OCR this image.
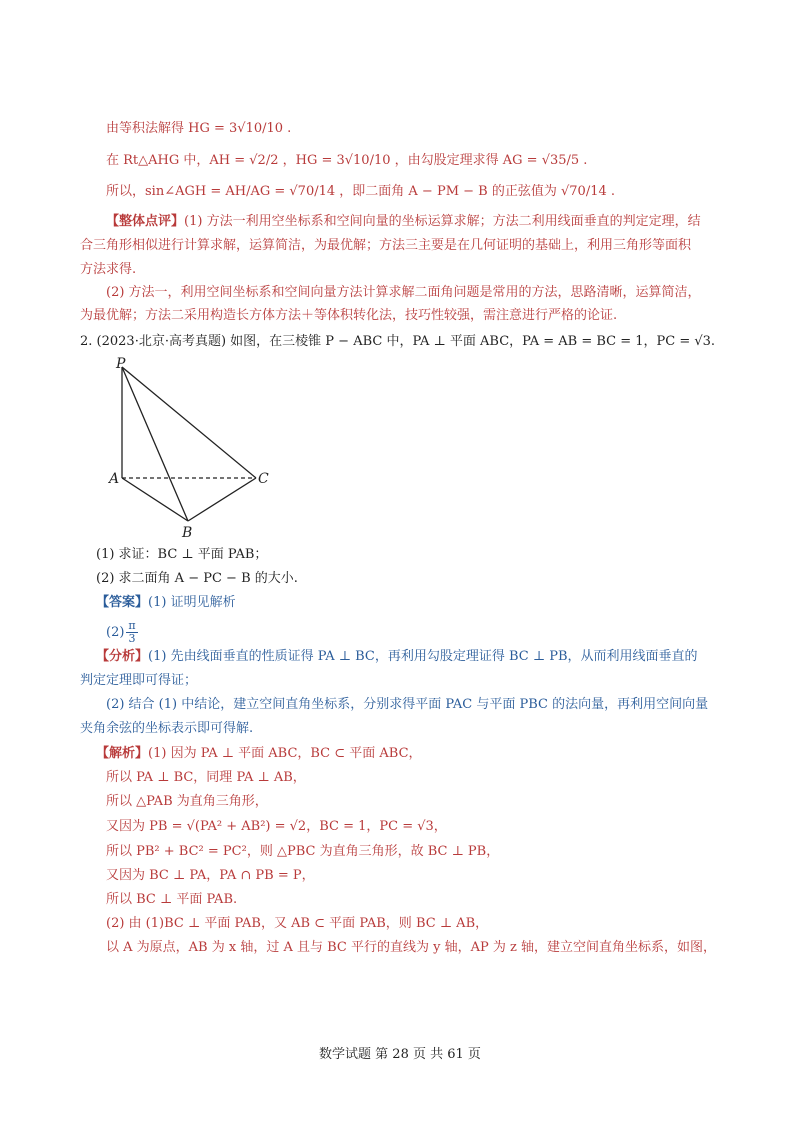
由等积法解得 HG = 3√10/10 .
在 Rt△AHG 中，AH = √2/2 ，HG = 3√10/10 ，由勾股定理求得 AG = √35/5 .
所以，sin∠AGH = AH/AG = √70/14 ，即二面角 A − PM − B 的正弦值为 √70/14 .
【整体点评】(1) 方法一利用空坐标系和空间向量的坐标运算求解；方法二利用线面垂直的判定定理，结
合三角形相似进行计算求解，运算简洁，为最优解；方法三主要是在几何证明的基础上，利用三角形等面积
方法求得.
(2) 方法一，利用空间坐标系和空间向量方法计算求解二面角问题是常用的方法，思路清晰，运算简洁，
为最优解；方法二采用构造长方体方法＋等体积转化法，技巧性较强，需注意进行严格的论证.
2. (2023·北京·高考真题) 如图，在三棱锥 P − ABC 中，PA ⊥ 平面 ABC，PA = AB = BC = 1，PC = √3.
P
A
B
C
(1) 求证：BC ⊥ 平面 PAB；
(2) 求二面角 A − PC − B 的大小.
【答案】(1) 证明见解析
$(2) \frac{\pi}{3}$
【分析】(1) 先由线面垂直的性质证得 PA ⊥ BC，再利用勾股定理证得 BC ⊥ PB，从而利用线面垂直的
判定定理即可得证；
(2) 结合 (1) 中结论，建立空间直角坐标系，分别求得平面 PAC 与平面 PBC 的法向量，再利用空间向量
夹角余弦的坐标表示即可得解.
【解析】(1) 因为 PA ⊥ 平面 ABC，BC ⊂ 平面 ABC，
所以 PA ⊥ BC，同理 PA ⊥ AB，
所以 △PAB 为直角三角形，
又因为 PB = √(PA² + AB²) = √2，BC = 1，PC = √3，
所以 PB² + BC² = PC²，则 △PBC 为直角三角形，故 BC ⊥ PB，
又因为 BC ⊥ PA，PA ∩ PB = P，
所以 BC ⊥ 平面 PAB.
(2) 由 (1)BC ⊥ 平面 PAB，又 AB ⊂ 平面 PAB，则 BC ⊥ AB，
以 A 为原点，AB 为 x 轴，过 A 且与 BC 平行的直线为 y 轴，AP 为 z 轴，建立空间直角坐标系，如图，
数学试题 第 28 页 共 61 页
